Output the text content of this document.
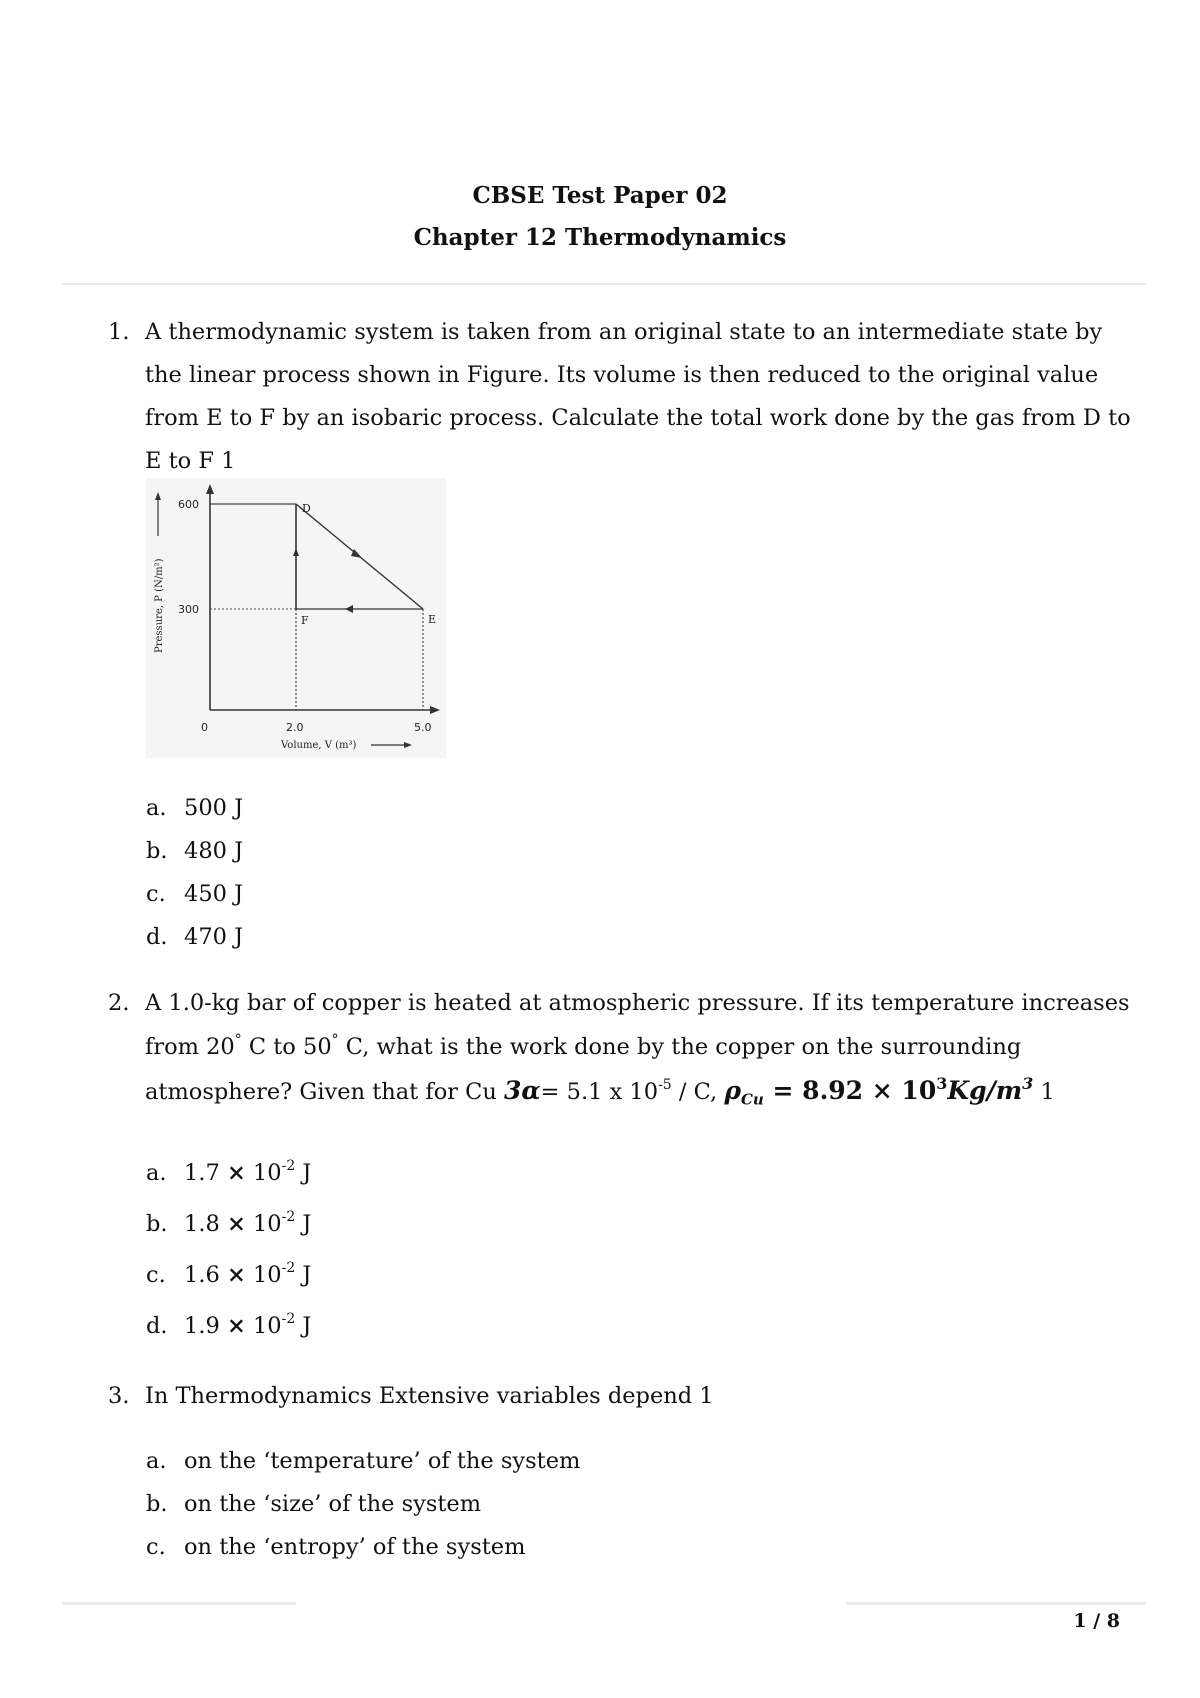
CBSE Test Paper 02
Chapter 12 Thermodynamics
1. A thermodynamic system is taken from an original state to an intermediate state by the linear process shown in Figure. Its volume is then reduced to the original value from E to F by an isobaric process. Calculate the total work done by the gas from D to E to F 1
D
E
F
600
300
0	2.0	5.0
Volume, V (m³)
Pressure, P (N/m²)
a. 500 J
b. 480 J
c. 450 J
d. 470 J
2. A 1.0-kg bar of copper is heated at atmospheric pressure. If its temperature increases from 20° C to 50° C, what is the work done by the copper on the surrounding atmosphere? Given that for Cu 3α= 5.1 x $10^{-5}$ / C, $\rho_{Cu} = 8.92 \times 10^3Kg/m^3$ 1
a. $1.7 \times 10^{-2}$ J
b. $1.8 \times 10^{-2}$ J
c. $1.6 \times 10^{-2}$ J
d. $1.9 \times 10^{-2}$ J
3. In Thermodynamics Extensive variables depend 1
a. on the ‘temperature’ of the system
b. on the ‘size’ of the system
c. on the ‘entropy’ of the system
1 / 8
